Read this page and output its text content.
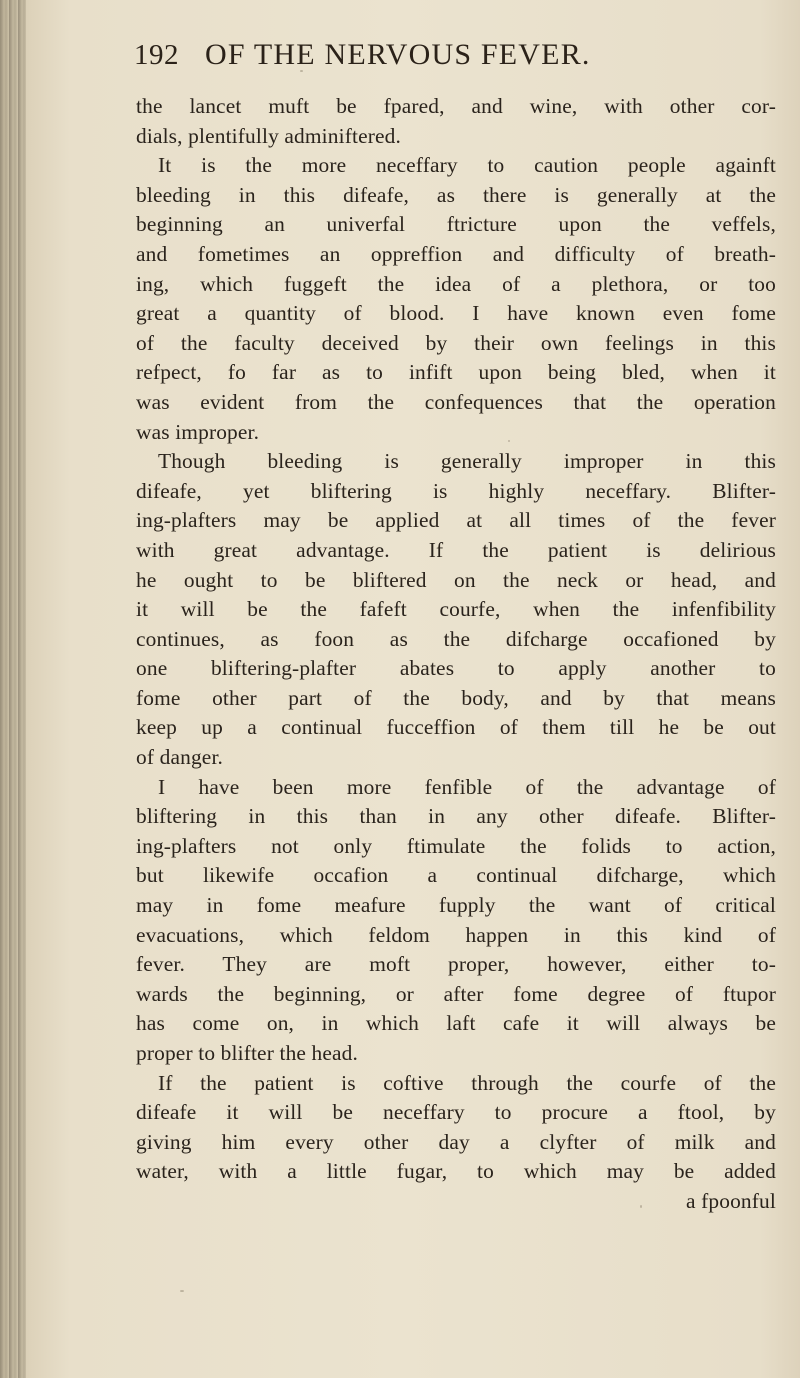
192 OF THE NERVOUS FEVER.
the lancet muft be fpared, and wine, with other cor-
dials, plentifully adminiftered.
It is the more neceffary to caution people againft
bleeding in this difeafe, as there is generally at the
beginning an univerfal ftricture upon the veffels,
and fometimes an oppreffion and difficulty of breath-
ing, which fuggeft the idea of a plethora, or too
great a quantity of blood. I have known even fome
of the faculty deceived by their own feelings in this
refpect, fo far as to infift upon being bled, when it
was evident from the confequences that the operation
was improper.
Though bleeding is generally improper in this
difeafe, yet bliftering is highly neceffary. Blifter-
ing-plafters may be applied at all times of the fever
with great advantage. If the patient is delirious
he ought to be bliftered on the neck or head, and
it will be the fafeft courfe, when the infenfibility
continues, as foon as the difcharge occafioned by
one bliftering-plafter abates to apply another to
fome other part of the body, and by that means
keep up a continual fucceffion of them till he be out
of danger.
I have been more fenfible of the advantage of
bliftering in this than in any other difeafe. Blifter-
ing-plafters not only ftimulate the folids to action,
but likewife occafion a continual difcharge, which
may in fome meafure fupply the want of critical
evacuations, which feldom happen in this kind of
fever. They are moft proper, however, either to-
wards the beginning, or after fome degree of ftupor
has come on, in which laft cafe it will always be
proper to blifter the head.
If the patient is coftive through the courfe of the
difeafe it will be neceffary to procure a ftool, by
giving him every other day a clyfter of milk and
water, with a little fugar, to which may be added
a fpoonful
